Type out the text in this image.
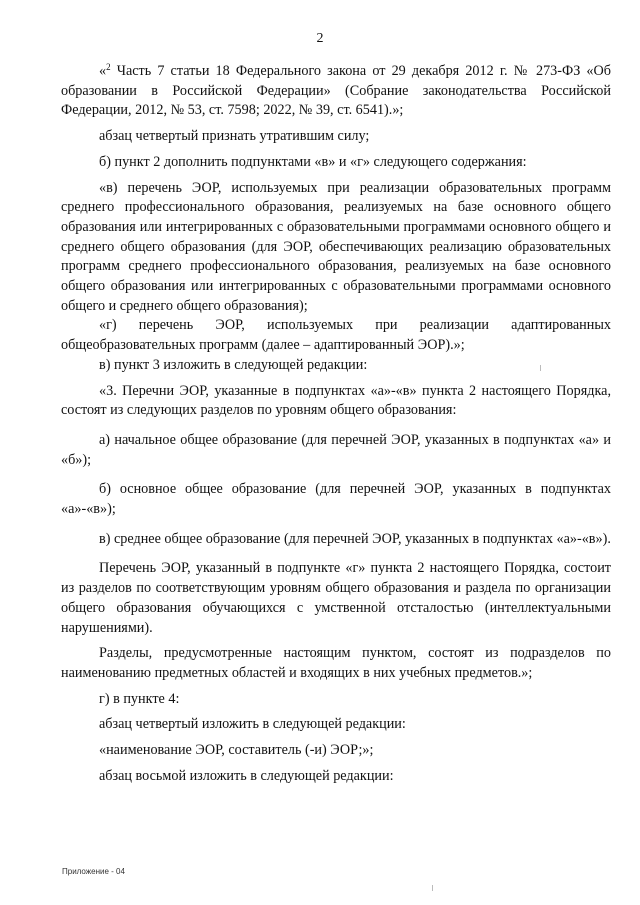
2

«$^2$ Часть 7 статьи 18 Федерального закона от 29 декабря 2012 г. № 273-ФЗ «Об образовании в Российской Федерации» (Собрание законодательства Российской Федерации, 2012, № 53, ст. 7598; 2022, № 39, ст. 6541).»;

абзац четвертый признать утратившим силу;

б) пункт 2 дополнить подпунктами «в» и «г» следующего содержания:

«в) перечень ЭОР, используемых при реализации образовательных программ среднего профессионального образования, реализуемых на базе основного общего образования или интегрированных с образовательными программами основного общего и среднего общего образования (для ЭОР, обеспечивающих реализацию образовательных программ среднего профессионального образования, реализуемых на базе основного общего образования или интегрированных с образовательными программами основного общего и среднего общего образования);

«г) перечень ЭОР, используемых при реализации адаптированных общеобразовательных программ (далее – адаптированный ЭОР).»;

в) пункт 3 изложить в следующей редакции:

«3. Перечни ЭОР, указанные в подпунктах «а»-«в» пункта 2 настоящего Порядка, состоят из следующих разделов по уровням общего образования:

а) начальное общее образование (для перечней ЭОР, указанных в подпунктах «а» и «б»);

б) основное общее образование (для перечней ЭОР, указанных в подпунктах «а»-«в»);

в) среднее общее образование (для перечней ЭОР, указанных в подпунктах «а»-«в»).

Перечень ЭОР, указанный в подпункте «г» пункта 2 настоящего Порядка, состоит из разделов по соответствующим уровням общего образования и раздела по организации общего образования обучающихся с умственной отсталостью (интеллектуальными нарушениями).

Разделы, предусмотренные настоящим пунктом, состоят из подразделов по наименованию предметных областей и входящих в них учебных предметов.»;

г) в пункте 4:

абзац четвертый изложить в следующей редакции:

«наименование ЭОР, составитель (-и) ЭОР;»;

абзац восьмой изложить в следующей редакции:

Приложение - 04
